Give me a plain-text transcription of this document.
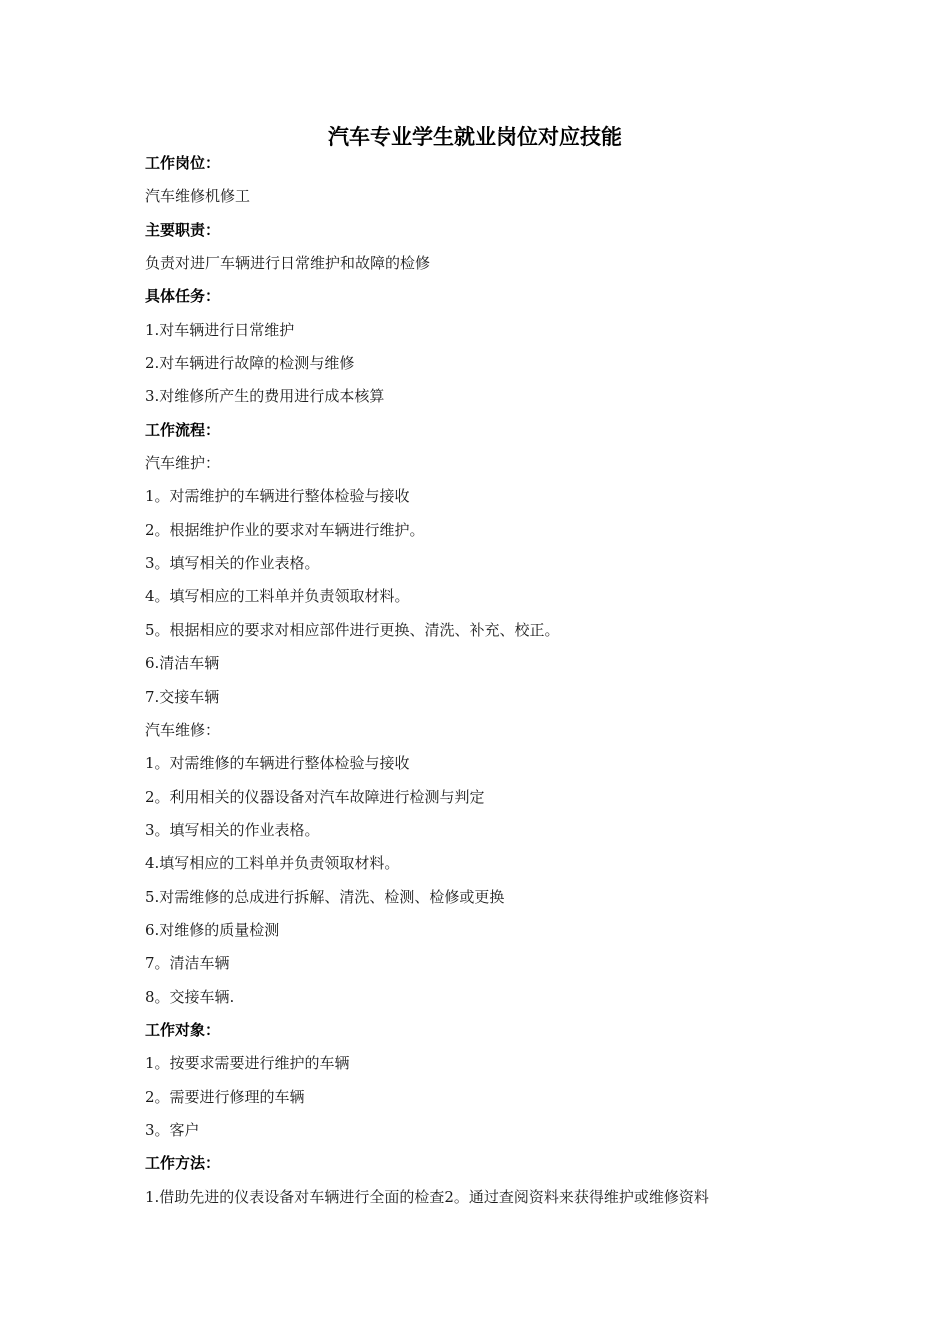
汽车专业学生就业岗位对应技能
工作岗位：
汽车维修机修工
主要职责：
负责对进厂车辆进行日常维护和故障的检修
具体任务：
1.对车辆进行日常维护
2.对车辆进行故障的检测与维修
3.对维修所产生的费用进行成本核算
工作流程：
汽车维护：
1。对需维护的车辆进行整体检验与接收
2。根据维护作业的要求对车辆进行维护。
3。填写相关的作业表格。
4。填写相应的工料单并负责领取材料。
5。根据相应的要求对相应部件进行更换、清洗、补充、校正。
6.清洁车辆
7.交接车辆
汽车维修：
1。对需维修的车辆进行整体检验与接收
2。利用相关的仪器设备对汽车故障进行检测与判定
3。填写相关的作业表格。
4.填写相应的工料单并负责领取材料。
5.对需维修的总成进行拆解、清洗、检测、检修或更换
6.对维修的质量检测
7。清洁车辆
8。交接车辆.
工作对象：
1。按要求需要进行维护的车辆
2。需要进行修理的车辆
3。客户
工作方法：
1.借助先进的仪表设备对车辆进行全面的检查2。通过查阅资料来获得维护或维修资料
